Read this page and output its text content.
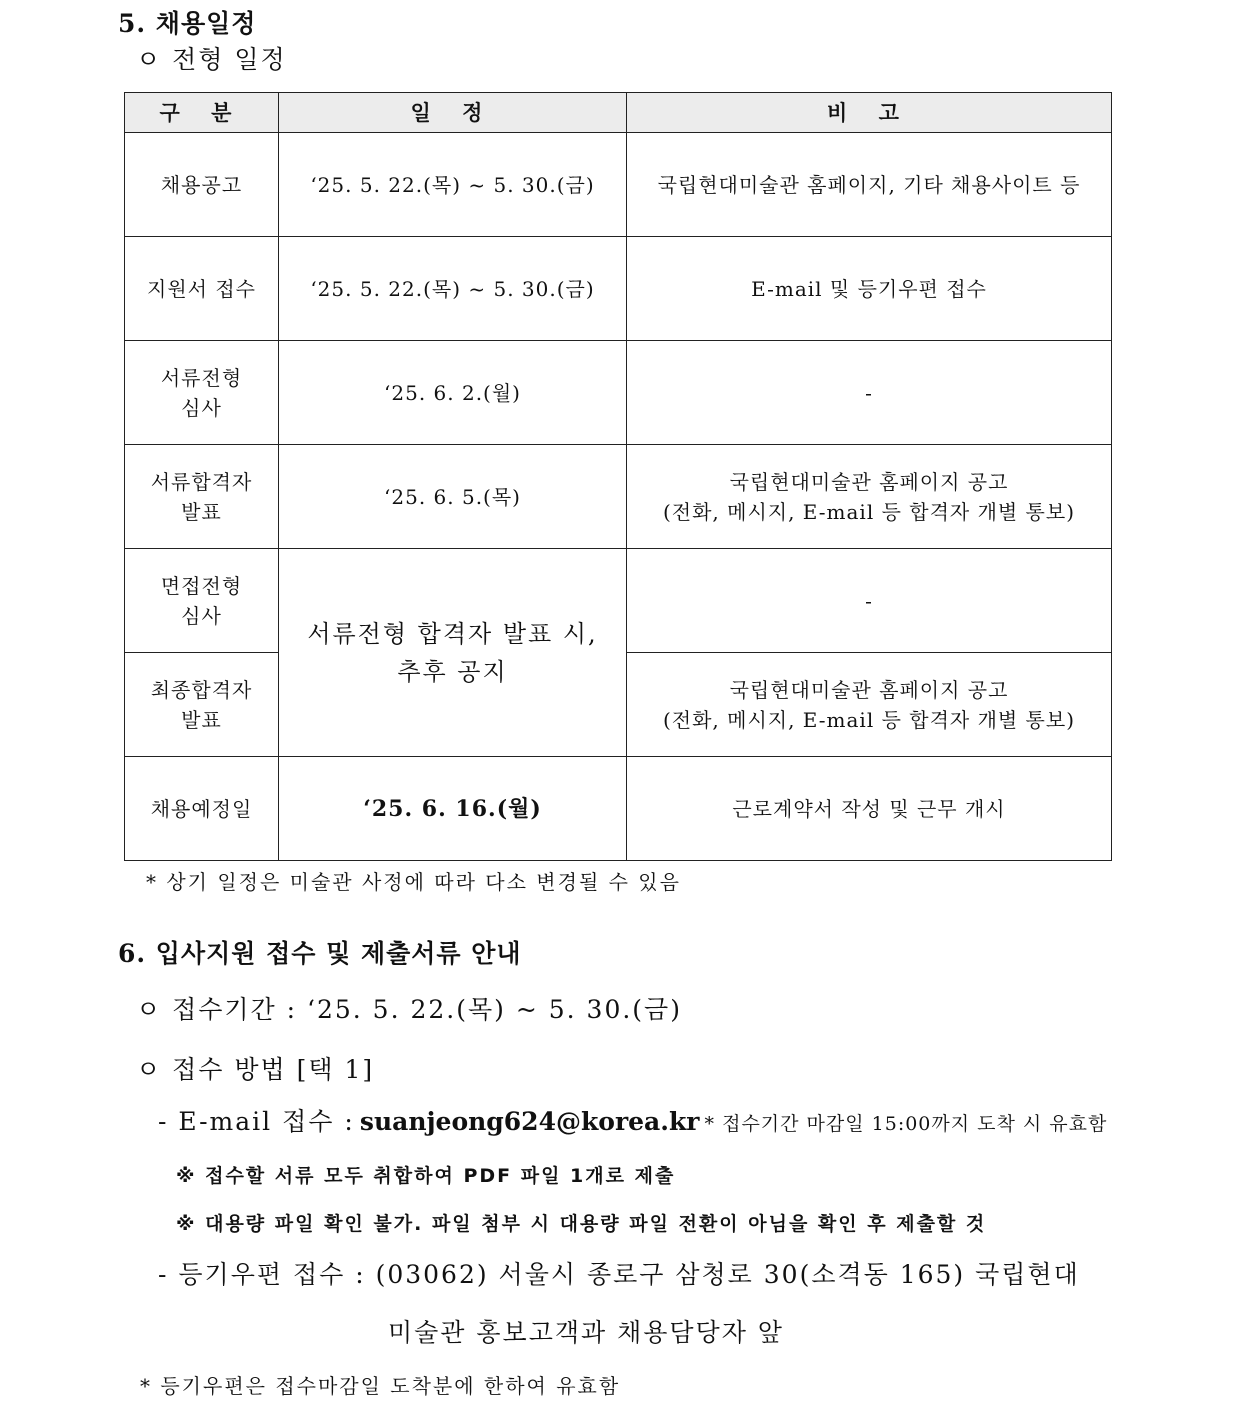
5. 채용일정
ㅇ 전형 일정
구 분	일 정	비 고

채용공고	‘25. 5. 22.(목) ~ 5. 30.(금)	국립현대미술관 홈페이지, 기타 채용사이트 등

지원서 접수	‘25. 5. 22.(목) ~ 5. 30.(금)	E-mail 및 등기우편 접수

서류전형
심사	‘25. 6. 2.(월)	-

서류합격자
발표	‘25. 6. 5.(목)	국립현대미술관 홈페이지 공고
(전화, 메시지, E-mail 등 합격자 개별 통보)

면접전형
심사	서류전형 합격자 발표 시,
추후 공지	-

최종합격자
발표		국립현대미술관 홈페이지 공고
(전화, 메시지, E-mail 등 합격자 개별 통보)

채용예정일	‘25. 6. 16.(월)	근로계약서 작성 및 근무 개시
* 상기 일정은 미술관 사정에 따라 다소 변경될 수 있음
6. 입사지원 접수 및 제출서류 안내
ㅇ 접수기간 : ‘25. 5. 22.(목) ~ 5. 30.(금)
ㅇ 접수 방법 [택 1]
- E-mail 접수 : suanjeong624@korea.kr * 접수기간 마감일 15:00까지 도착 시 유효함
※ 접수할 서류 모두 취합하여 PDF 파일 1개로 제출
※ 대용량 파일 확인 불가. 파일 첨부 시 대용량 파일 전환이 아님을 확인 후 제출할 것
- 등기우편 접수 : (03062) 서울시 종로구 삼청로 30(소격동 165) 국립현대
미술관 홍보고객과 채용담당자 앞
* 등기우편은 접수마감일 도착분에 한하여 유효함
